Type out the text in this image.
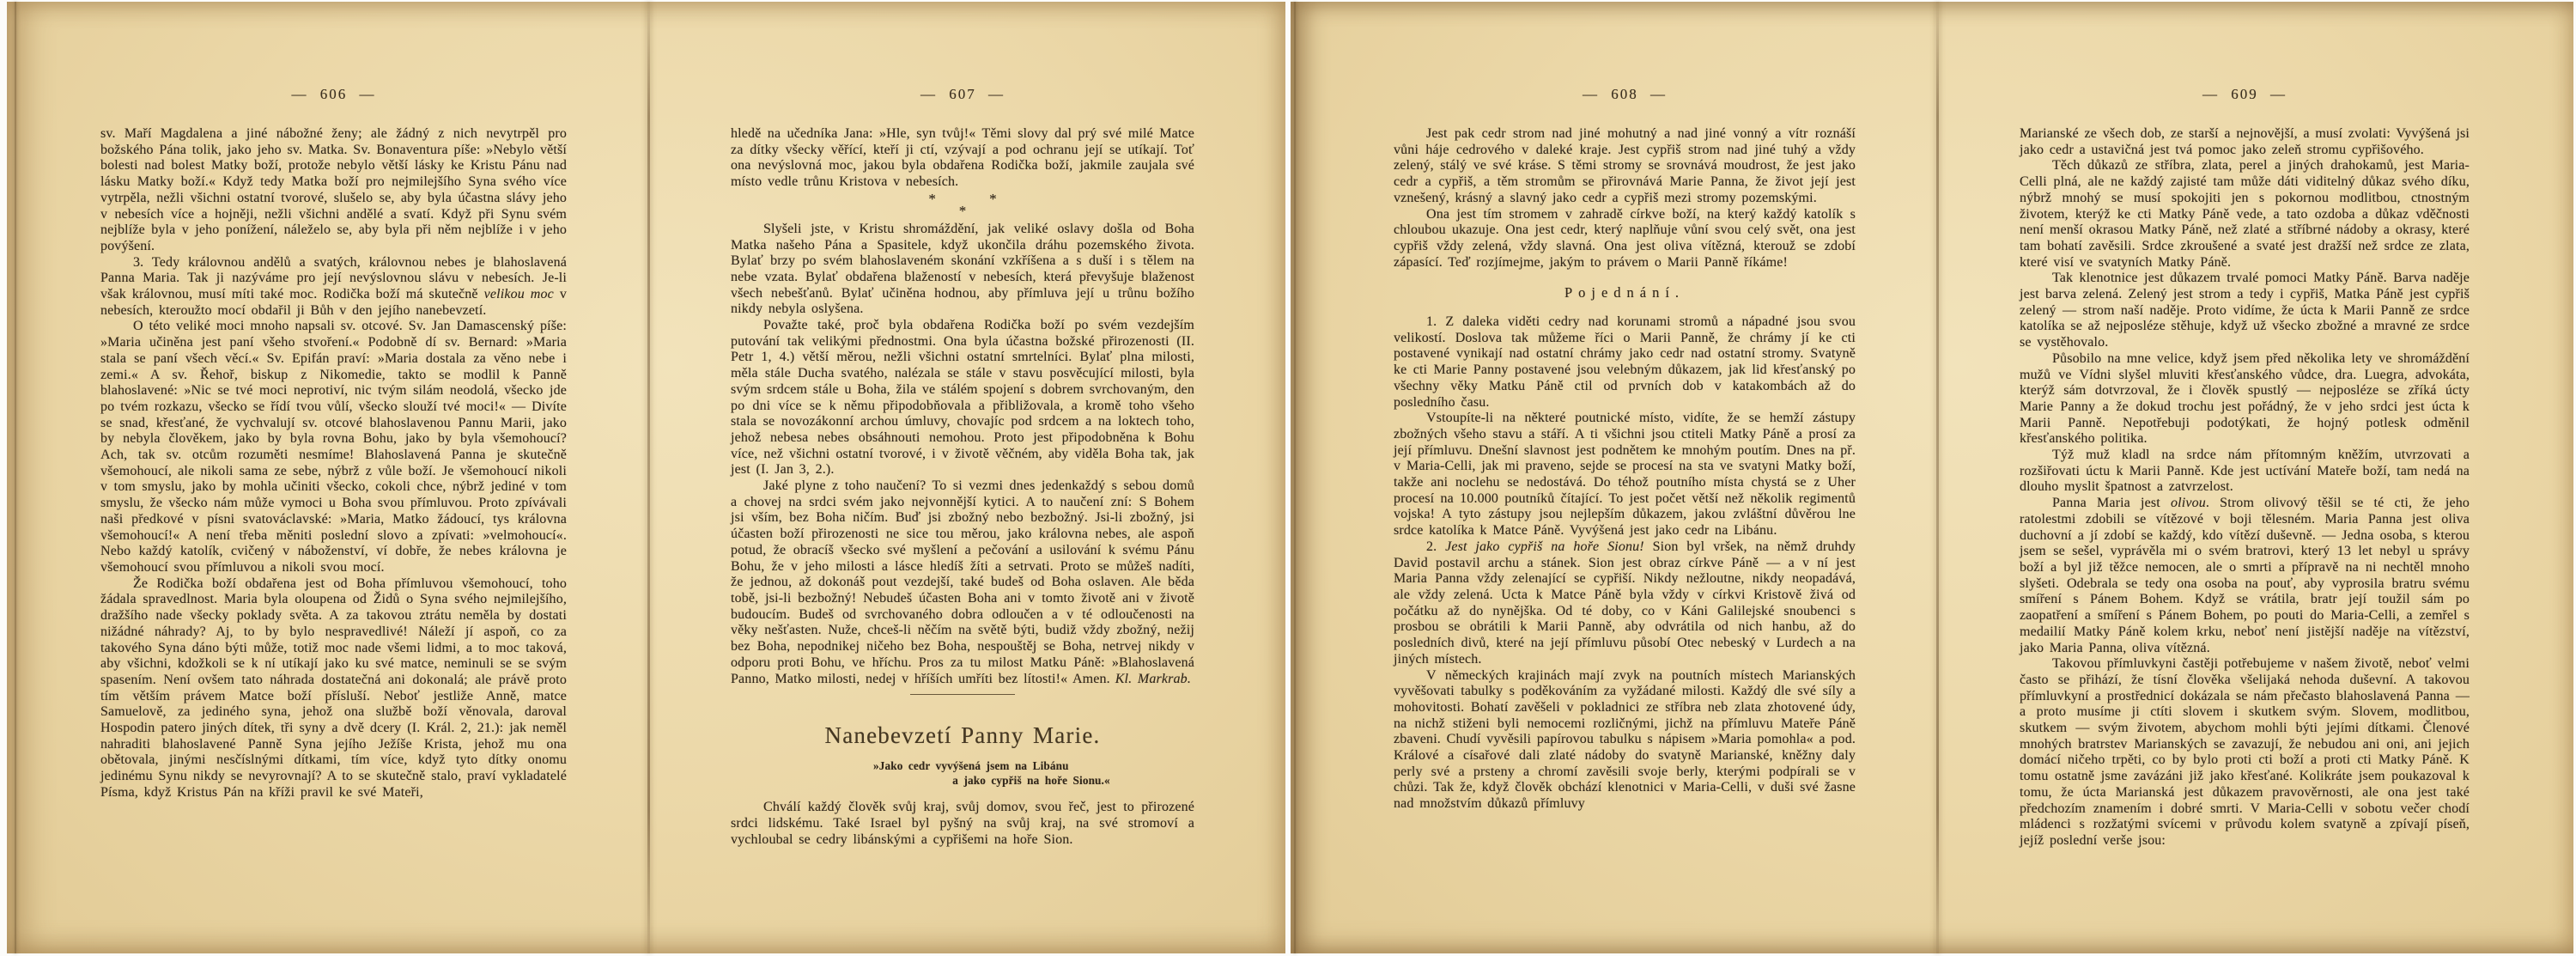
— 606 —

sv. Maří Magdalena a jiné nábožné ženy; ale žádný z nich nevytrpěl pro božského Pána tolik, jako jeho sv. Matka. Sv. Bonaventura píše: »Nebylo větší bolesti nad bolest Matky boží, protože nebylo větší lásky ke Kristu Pánu nad lásku Matky boží.« Když tedy Matka boží pro nejmilejšího Syna svého více vytrpěla, nežli všichni ostatní tvorové, slušelo se, aby byla účastna slávy jeho v nebesích více a hojněji, nežli všichni andělé a svatí. Když při Synu svém nejblíže byla v jeho ponížení, náleželo se, aby byla při něm nejblíže i v jeho povýšení.

3. Tedy královnou andělů a svatých, královnou nebes je blahoslavená Panna Maria. Tak ji nazýváme pro její nevýslovnou slávu v nebesích. Je-li však královnou, musí míti také moc. Rodička boží má skutečně velikou moc v nebesích, kteroužto mocí obdařil ji Bůh v den jejího nanebevzetí.

O této veliké moci mnoho napsali sv. otcové. Sv. Jan Damascenský píše: »Maria učiněna jest paní všeho stvoření.« Podobně dí sv. Bernard: »Maria stala se paní všech věcí.« Sv. Epifán praví: »Maria dostala za věno nebe i zemi.« A sv. Řehoř, biskup z Nikomedie, takto se modlil k Panně blahoslavené: »Nic se tvé moci neprotiví, nic tvým silám neodolá, všecko jde po tvém rozkazu, všecko se řídí tvou vůlí, všecko slouží tvé moci!« — Divíte se snad, křesťané, že vychvalují sv. otcové blahoslavenou Pannu Marii, jako by nebyla člověkem, jako by byla rovna Bohu, jako by byla všemohoucí? Ach, tak sv. otcům rozuměti nesmíme! Blahoslavená Panna je skutečně všemohoucí, ale nikoli sama ze sebe, nýbrž z vůle boží. Je všemohoucí nikoli v tom smyslu, jako by mohla učiniti všecko, cokoli chce, nýbrž jediné v tom smyslu, že všecko nám může vymoci u Boha svou přímluvou. Proto zpívávali naši předkové v písni svatováclavské: »Maria, Matko žádoucí, tys královna všemohoucí!« A není třeba měniti poslední slovo a zpívati: »velmohoucí«. Nebo každý katolík, cvičený v náboženství, ví dobře, že nebes královna je všemohoucí svou přímluvou a nikoli svou mocí.

Že Rodička boží obdařena jest od Boha přímluvou všemohoucí, toho žádala spravedlnost. Maria byla oloupena od Židů o Syna svého nejmilejšího, dražšího nade všecky poklady světa. A za takovou ztrátu neměla by dostati nižádné náhrady? Aj, to by bylo nespravedlivé! Náleží jí aspoň, co za takového Syna dáno býti může, totiž moc nade všemi lidmi, a to moc taková, aby všichni, kdožkoli se k ní utíkají jako ku své matce, neminuli se se svým spasením. Není ovšem tato náhrada dostatečná ani dokonalá; ale právě proto tím větším právem Matce boží přísluší. Neboť jestliže Anně, matce Samuelově, za jediného syna, jehož ona službě boží věnovala, daroval Hospodin patero jiných dítek, tři syny a dvě dcery (I. Král. 2, 21.): jak neměl nahraditi blahoslavené Panně Syna jejího Ježíše Krista, jehož mu ona obětovala, jinými nesčíslnými dítkami, tím více, když tyto dítky onomu jedinému Synu nikdy se nevyrovnají? A to se skutečně stalo, praví vykladatelé Písma, když Kristus Pán na kříži pravil ke své Mateři,

— 607 —

hledě na učedníka Jana: »Hle, syn tvůj!« Těmi slovy dal prý své milé Matce za dítky všecky věřící, kteří ji ctí, vzývají a pod ochranu její se utíkají. Toť ona nevýslovná moc, jakou byla obdařena Rodička boží, jakmile zaujala své místo vedle trůnu Kristova v nebesích.

* *
*

Slyšeli jste, v Kristu shromáždění, jak veliké oslavy došla od Boha Matka našeho Pána a Spasitele, když ukončila dráhu pozemského života. Bylať brzy po svém blahoslaveném skonání vzkříšena a s duší i s tělem na nebe vzata. Bylať obdařena blažeností v nebesích, která převyšuje blaženost všech nebešťanů. Bylať učiněna hodnou, aby přímluva její u trůnu božího nikdy nebyla oslyšena.

Považte také, proč byla obdařena Rodička boží po svém vezdejším putování tak velikými přednostmi. Ona byla účastna božské přirozenosti (II. Petr 1, 4.) větší měrou, nežli všichni ostatní smrtelníci. Bylať plna milosti, měla stále Ducha svatého, nalézala se stále v stavu posvěcující milosti, byla svým srdcem stále u Boha, žila ve stálém spojení s dobrem svrchovaným, den po dni více se k němu připodobňovala a přibližovala, a kromě toho všeho stala se novozákonní archou úmluvy, chovajíc pod srdcem a na loktech toho, jehož nebesa nebes obsáhnouti nemohou. Proto jest připodobněna k Bohu více, než všichni ostatní tvorové, i v životě věčném, aby viděla Boha tak, jak jest (I. Jan 3, 2.).

Jaké plyne z toho naučení? To si vezmi dnes jedenkaždý s sebou domů a chovej na srdci svém jako nejvonnější kytici. A to naučení zní: S Bohem jsi vším, bez Boha ničím. Buď jsi zbožný nebo bezbožný. Jsi-li zbožný, jsi účasten boží přirozenosti ne sice tou měrou, jako královna nebes, ale aspoň potud, že obracíš všecko své myšlení a pečování a usilování k svému Pánu Bohu, že v jeho milosti a lásce hledíš žíti a setrvati. Proto se můžeš nadíti, že jednou, až dokonáš pout vezdejší, také budeš od Boha oslaven. Ale běda tobě, jsi-li bezbožný! Nebudeš účasten Boha ani v tomto životě ani v životě budoucím. Budeš od svrchovaného dobra odloučen a v té odloučenosti na věky nešťasten. Nuže, chceš-li něčím na světě býti, budiž vždy zbožný, nežij bez Boha, nepodnikej ničeho bez Boha, nespouštěj se Boha, netrvej nikdy v odporu proti Bohu, ve hříchu. Pros za tu milost Matku Páně: »Blahoslavená Panno, Matko milosti, nedej v hříších umříti bez lítosti!« Amen. Kl. Markrab.
Nanebevzetí Panny Marie.
»Jako cedr vyvýšená jsem na Libánu
a jako cypřiš na hoře Sionu.«

Chválí každý člověk svůj kraj, svůj domov, svou řeč, jest to přirozené srdci lidskému. Také Israel byl pyšný na svůj kraj, na své stromoví a vychloubal se cedry libánskými a cypřišemi na hoře Sion.

— 608 —

Jest pak cedr strom nad jiné mohutný a nad jiné vonný a vítr roznáší vůni háje cedrového v daleké kraje. Jest cypřiš strom nad jiné tuhý a vždy zelený, stálý ve své kráse. S těmi stromy se srovnává moudrost, že jest jako cedr a cypřiš, a těm stromům se přirovnává Marie Panna, že život její jest vznešený, krásný a slavný jako cedr a cypřiš mezi stromy pozemskými.

Ona jest tím stromem v zahradě církve boží, na který každý katolík s chloubou ukazuje. Ona jest cedr, který naplňuje vůní svou celý svět, ona jest cypřiš vždy zelená, vždy slavná. Ona jest oliva vítězná, kterouž se zdobí zápasící. Teď rozjímejme, jakým to právem o Marii Panně říkáme!

Pojednání.

1. Z daleka viděti cedry nad korunami stromů a nápadné jsou svou velikostí. Doslova tak můžeme říci o Marii Panně, že chrámy jí ke cti postavené vynikají nad ostatní chrámy jako cedr nad ostatní stromy. Svatyně ke cti Marie Panny postavené jsou velebným důkazem, jak lid křesťanský po všechny věky Matku Páně ctil od prvních dob v katakombách až do posledního času.

Vstoupíte-li na některé poutnické místo, vidíte, že se hemží zástupy zbožných všeho stavu a stáří. A ti všichni jsou ctiteli Matky Páně a prosí za její přímluvu. Dnešní slavnost jest podnětem ke mnohým poutím. Dnes na př. v Maria-Celli, jak mi praveno, sejde se procesí na sta ve svatyni Matky boží, takže ani noclehu se nedostává. Do téhož poutního místa chystá se z Uher procesí na 10.000 poutníků čítající. To jest počet větší než několik regimentů vojska! A tyto zástupy jsou nejlepším důkazem, jakou zvláštní důvěrou lne srdce katolíka k Matce Páně. Vyvýšená jest jako cedr na Libánu.

2. Jest jako cypřiš na hoře Sionu! Sion byl vršek, na němž druhdy David postavil archu a stánek. Sion jest obraz církve Páně — a v ní jest Maria Panna vždy zelenající se cypřiší. Nikdy nežloutne, nikdy neopadává, ale vždy zelená. Ucta k Matce Páně byla vždy v církvi Kristově živá od počátku až do nynějška. Od té doby, co v Káni Galilejské snoubenci s prosbou se obrátili k Marii Panně, aby odvrátila od nich hanbu, až do posledních divů, které na její přímluvu působí Otec nebeský v Lurdech a na jiných místech.

V německých krajinách mají zvyk na poutních místech Marianských vyvěšovati tabulky s poděkováním za vyžádané milosti. Každý dle své síly a mohovitosti. Bohatí zavěšeli v pokladnici ze stříbra neb zlata zhotovené údy, na nichž stiženi byli nemocemi rozličnými, jichž na přímluvu Mateře Páně zbaveni. Chudí vyvěsili papírovou tabulku s nápisem »Maria pomohla« a pod. Králové a císařové dali zlaté nádoby do svatyně Marianské, kněžny daly perly své a prsteny a chromí zavěsili svoje berly, kterými podpírali se v chůzi. Tak že, když člověk obchází klenotnici v Maria-Celli, v duši své žasne nad množstvím důkazů přímluvy

— 609 —

Marianské ze všech dob, ze starší a nejnovější, a musí zvolati: Vyvýšená jsi jako cedr a ustavičná jest tvá pomoc jako zeleň stromu cypřišového.

Těch důkazů ze stříbra, zlata, perel a jiných drahokamů, jest Maria-Celli plná, ale ne každý zajisté tam může dáti viditelný důkaz svého díku, nýbrž mnohý se musí spokojiti jen s pokornou modlitbou, ctnostným životem, kterýž ke cti Matky Páně vede, a tato ozdoba a důkaz vděčnosti není menší okrasou Matky Páně, než zlaté a stříbrné nádoby a okrasy, které tam bohatí zavěsili. Srdce zkroušené a svaté jest dražší než srdce ze zlata, které visí ve svatyních Matky Páně.

Tak klenotnice jest důkazem trvalé pomoci Matky Páně. Barva naděje jest barva zelená. Zelený jest strom a tedy i cypřiš, Matka Páně jest cypřiš zelený — strom naší naděje. Proto vidíme, že úcta k Marii Panně ze srdce katolíka se až nejposléze stěhuje, když už všecko zbožné a mravné ze srdce se vystěhovalo.

Působilo na mne velice, když jsem před několika lety ve shromáždění mužů ve Vídni slyšel mluviti křesťanského vůdce, dra. Luegra, advokáta, kterýž sám dotvrzoval, že i člověk spustlý — nejposléze se zříká úcty Marie Panny a že dokud trochu jest pořádný, že v jeho srdci jest úcta k Marii Panně. Nepotřebuji podotýkati, že hojný potlesk odměnil křesťanského politika.

Týž muž kladl na srdce nám přítomným kněžím, utvrzovati a rozšiřovati úctu k Marii Panně. Kde jest uctívání Mateře boží, tam nedá na dlouho myslit špatnost a zatvrzelost.

Panna Maria jest olivou. Strom olivový těšil se té cti, že jeho ratolestmi zdobili se vítězové v boji tělesném. Maria Panna jest oliva duchovní a jí zdobí se každý, kdo vítězí duševně. — Jedna osoba, s kterou jsem se sešel, vyprávěla mi o svém bratrovi, který 13 let nebyl u správy boží a byl již těžce nemocen, ale o smrti a přípravě na ni nechtěl mnoho slyšeti. Odebrala se tedy ona osoba na pouť, aby vyprosila bratru svému smíření s Pánem Bohem. Když se vrátila, bratr její toužil sám po zaopatření a smíření s Pánem Bohem, po pouti do Maria-Celli, a zemřel s medailií Matky Páně kolem krku, neboť není jistější naděje na vítězství, jako Maria Panna, oliva vítězná.

Takovou přímluvkyni častěji potřebujeme v našem životě, neboť velmi často se přihází, že tísní člověka všelijaká nehoda duševní. A takovou přímluvkyní a prostřednicí dokázala se nám přečasto blahoslavená Panna — a proto musíme ji ctíti slovem i skutkem svým. Slovem, modlitbou, skutkem — svým životem, abychom mohli býti jejími dítkami. Členové mnohých bratrstev Marianských se zavazují, že nebudou ani oni, ani jejich domácí ničeho trpěti, co by bylo proti cti boží a proti cti Matky Páně. K tomu ostatně jsme zavázáni již jako křesťané. Kolikráte jsem poukazoval k tomu, že úcta Marianská jest důkazem pravověrnosti, ale ona jest také předchozím znamením i dobré smrti. V Maria-Celli v sobotu večer chodí mládenci s rozžatými svícemi v průvodu kolem svatyně a zpívají píseň, jejíž poslední verše jsou:
